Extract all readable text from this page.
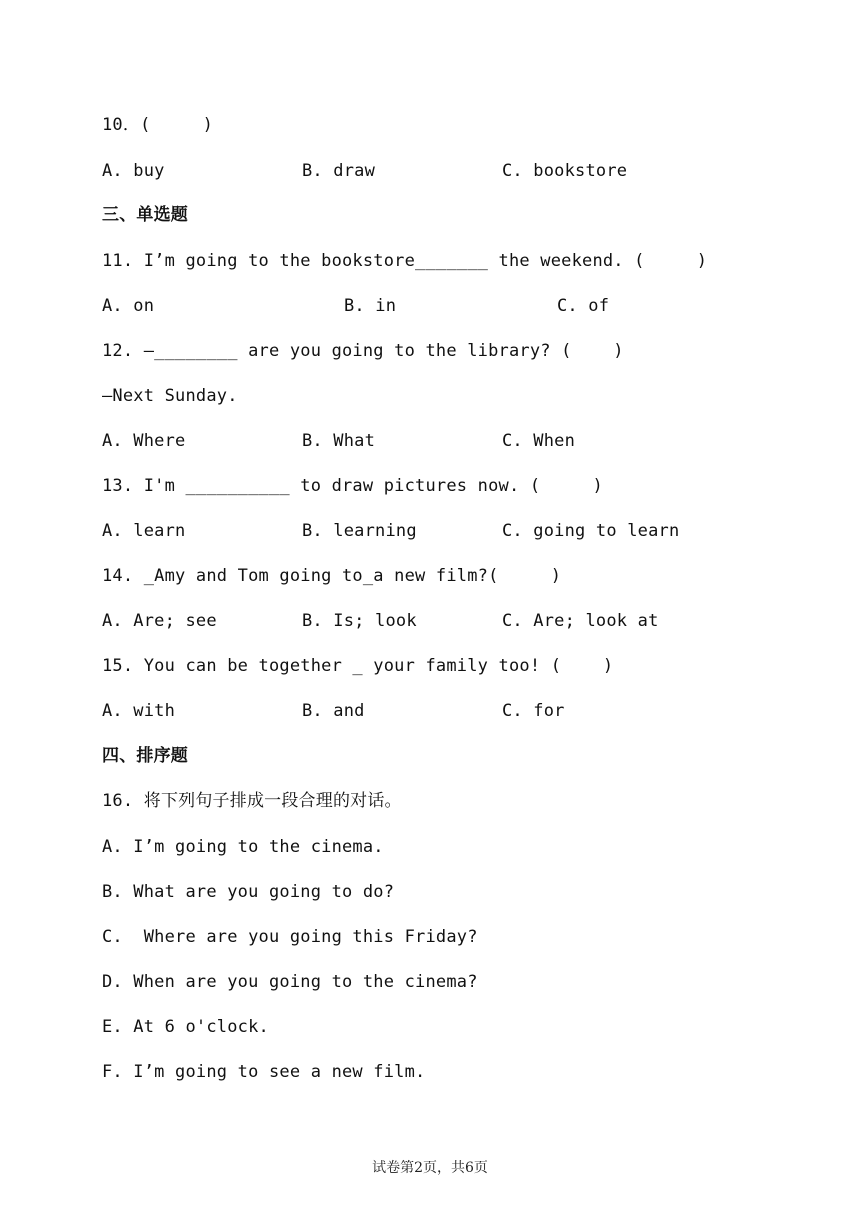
10．(     )
A. buy	B. draw	C. bookstore
三、单选题
11. I’m going to the bookstore_______ the weekend. (     )
A. on	B. in	C. of
12. —________ are you going to the library? (    )
—Next Sunday.
A. Where	B. What	C. When
13. I'm __________ to draw pictures now. (     )
A. learn	B. learning	C. going to learn
14. _Amy and Tom going to_a new film?(     )
A. Are; see	B. Is; look	C. Are; look at
15. You can be together _ your family too! (    )
A. with	B. and	C. for
四、排序题
16. 将下列句子排成一段合理的对话。
A. I’m going to the cinema.
B. What are you going to do?
C.  Where are you going this Friday?
D. When are you going to the cinema?
E. At 6 o'clock.
F. I’m going to see a new film.
试卷第2页，共6页
